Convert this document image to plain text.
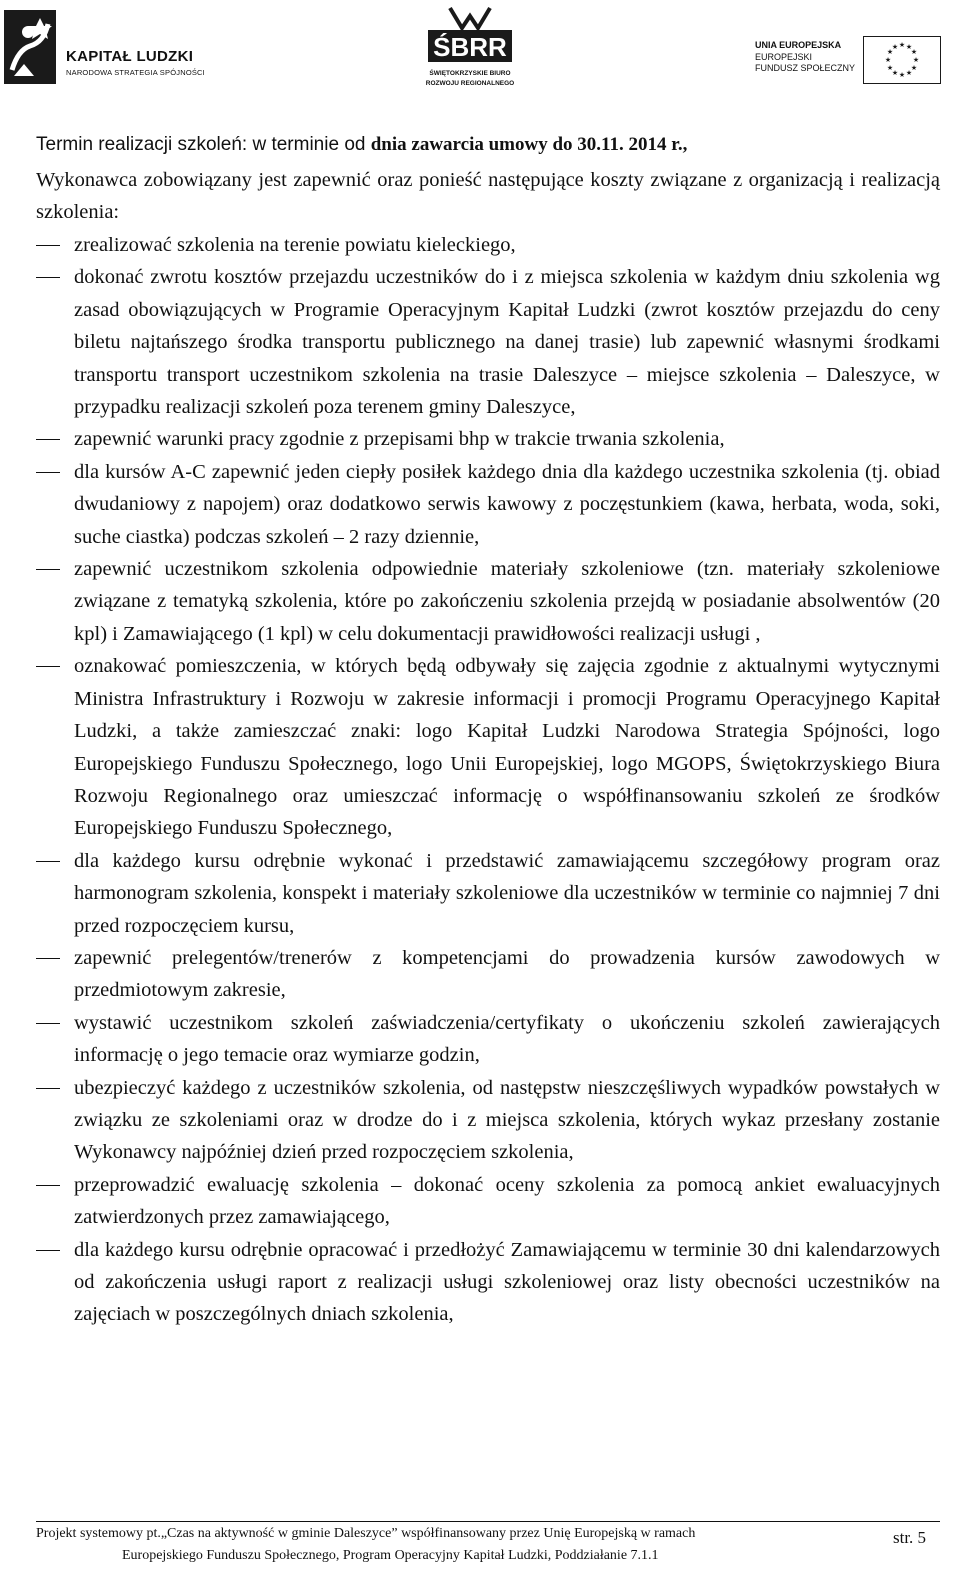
KAPITAŁ LUDZKI
NARODOWA STRATEGIA SPÓJNOŚCI
ŚBRR
ŚWIĘTOKRZYSKIE BIURO
ROZWOJU REGIONALNEGO
UNIA EUROPEJSKA
EUROPEJSKI
FUNDUSZ SPOŁECZNY
★ ★
★
★
★
★
★
★
★
★
★
★
Termin realizacji szkoleń: w terminie od dnia zawarcia umowy do 30.11. 2014 r.,
Wykonawca zobowiązany jest zapewnić oraz ponieść następujące koszty związane z organizacją i realizacją szkolenia:
zrealizować szkolenia na terenie powiatu kieleckiego,
dokonać zwrotu kosztów przejazdu uczestników do i z miejsca szkolenia w każdym dniu szkolenia wg zasad obowiązujących w Programie Operacyjnym Kapitał Ludzki (zwrot kosztów przejazdu do ceny biletu najtańszego środka transportu publicznego na danej trasie) lub zapewnić własnymi środkami transportu transport uczestnikom szkolenia na trasie Daleszyce – miejsce szkolenia – Daleszyce, w przypadku realizacji szkoleń poza terenem gminy Daleszyce,
zapewnić warunki pracy zgodnie z przepisami bhp w trakcie trwania szkolenia,
dla kursów A-C zapewnić jeden ciepły posiłek każdego dnia dla każdego uczestnika szkolenia (tj. obiad dwudaniowy z napojem) oraz dodatkowo serwis kawowy z poczęstunkiem (kawa, herbata, woda, soki, suche ciastka) podczas szkoleń – 2 razy dziennie,
zapewnić uczestnikom szkolenia odpowiednie materiały szkoleniowe (tzn. materiały szkoleniowe związane z tematyką szkolenia, które po zakończeniu szkolenia przejdą w posiadanie absolwentów (20 kpl) i Zamawiającego (1 kpl) w celu dokumentacji prawidłowości realizacji usługi ,
oznakować pomieszczenia, w których będą odbywały się zajęcia zgodnie z aktualnymi wytycznymi Ministra Infrastruktury i Rozwoju w zakresie informacji i promocji Programu Operacyjnego Kapitał Ludzki, a także zamieszczać znaki: logo Kapitał Ludzki Narodowa Strategia Spójności, logo Europejskiego Funduszu Społecznego, logo Unii Europejskiej, logo MGOPS, Świętokrzyskiego Biura Rozwoju Regionalnego oraz umieszczać informację o współfinansowaniu szkoleń ze środków Europejskiego Funduszu Społecznego,
dla każdego kursu odrębnie wykonać i przedstawić zamawiającemu szczegółowy program oraz harmonogram szkolenia, konspekt i materiały szkoleniowe dla uczestników w terminie co najmniej 7 dni przed rozpoczęciem kursu,
zapewnić prelegentów/trenerów z kompetencjami do prowadzenia kursów zawodowych w przedmiotowym zakresie,
wystawić uczestnikom szkoleń zaświadczenia/certyfikaty o ukończeniu szkoleń zawierających informację o jego temacie oraz wymiarze godzin,
ubezpieczyć każdego z uczestników szkolenia, od następstw nieszczęśliwych wypadków powstałych w związku ze szkoleniami oraz w drodze do i z miejsca szkolenia, których wykaz przesłany zostanie Wykonawcy najpóźniej dzień przed rozpoczęciem szkolenia,
przeprowadzić ewaluację szkolenia – dokonać oceny szkolenia za pomocą ankiet ewaluacyjnych zatwierdzonych przez zamawiającego,
dla każdego kursu odrębnie opracować i przedłożyć Zamawiającemu w terminie 30 dni kalendarzowych od zakończenia usługi raport z realizacji usługi szkoleniowej oraz listy obecności uczestników na zajęciach w poszczególnych dniach szkolenia,
Projekt systemowy pt.„Czas na aktywność w gminie Daleszyce” współfinansowany przez Unię Europejską w ramach	str. 5
Europejskiego Funduszu Społecznego, Program Operacyjny Kapitał Ludzki, Poddziałanie 7.1.1
